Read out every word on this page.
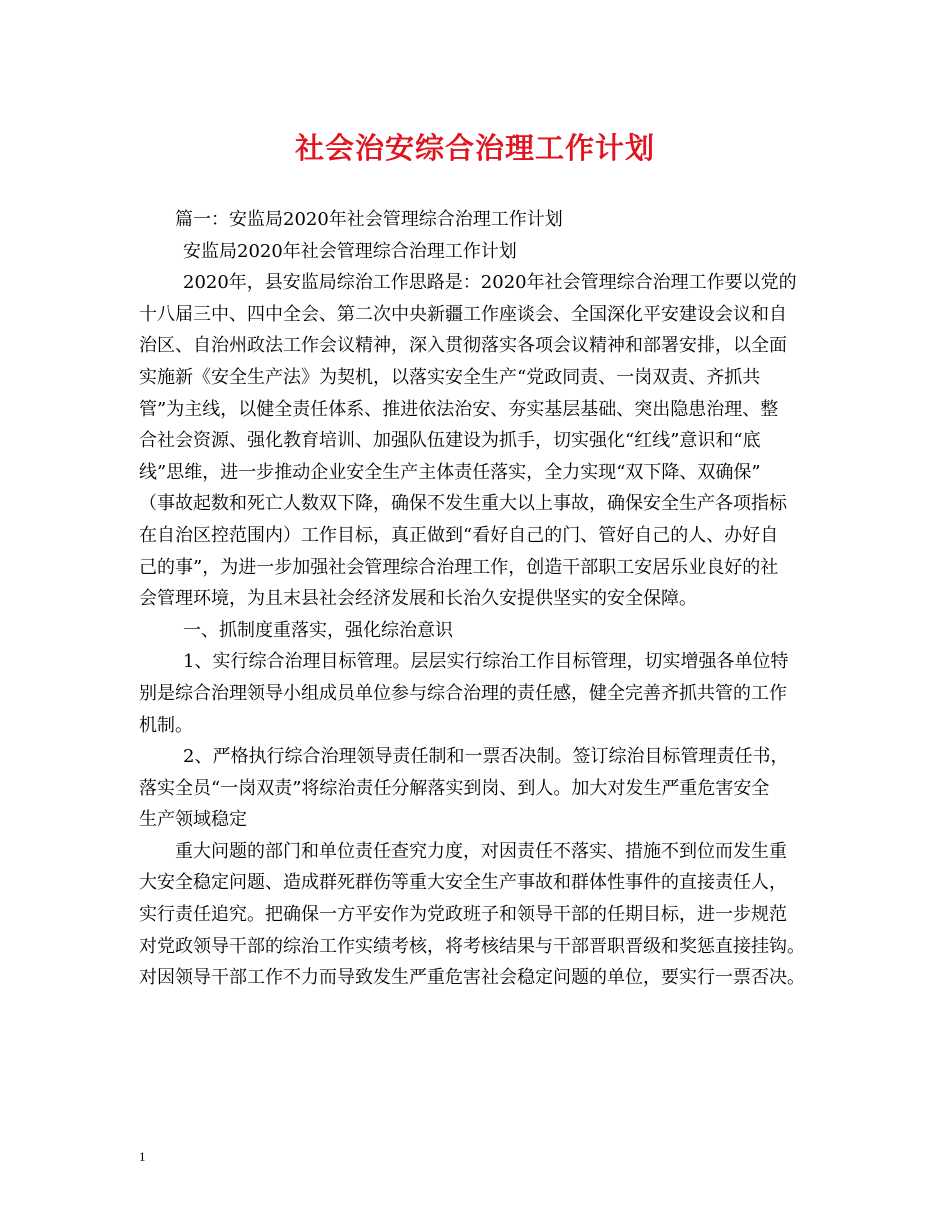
社会治安综合治理工作计划
篇一：安监局2020年社会管理综合治理工作计划
安监局2020年社会管理综合治理工作计划
2020年，县安监局综治工作思路是：2020年社会管理综合治理工作要以党的
十八届三中、四中全会、第二次中央新疆工作座谈会、全国深化平安建设会议和自
治区、自治州政法工作会议精神，深入贯彻落实各项会议精神和部署安排，以全面
实施新《安全生产法》为契机，以落实安全生产“党政同责、一岗双责、齐抓共
管”为主线，以健全责任体系、推进依法治安、夯实基层基础、突出隐患治理、整
合社会资源、强化教育培训、加强队伍建设为抓手，切实强化“红线”意识和“底
线”思维，进一步推动企业安全生产主体责任落实，全力实现“双下降、双确保”
（事故起数和死亡人数双下降，确保不发生重大以上事故，确保安全生产各项指标
在自治区控范围内）工作目标，真正做到“看好自己的门、管好自己的人、办好自
己的事”，为进一步加强社会管理综合治理工作，创造干部职工安居乐业良好的社
会管理环境，为且末县社会经济发展和长治久安提供坚实的安全保障。
一、抓制度重落实，强化综治意识
1、实行综合治理目标管理。层层实行综治工作目标管理，切实增强各单位特
别是综合治理领导小组成员单位参与综合治理的责任感，健全完善齐抓共管的工作
机制。
2、严格执行综合治理领导责任制和一票否决制。签订综治目标管理责任书，
落实全员“一岗双责”将综治责任分解落实到岗、到人。加大对发生严重危害安全
生产领域稳定
重大问题的部门和单位责任查究力度，对因责任不落实、措施不到位而发生重
大安全稳定问题、造成群死群伤等重大安全生产事故和群体性事件的直接责任人，
实行责任追究。把确保一方平安作为党政班子和领导干部的任期目标，进一步规范
对党政领导干部的综治工作实绩考核，将考核结果与干部晋职晋级和奖惩直接挂钩。
对因领导干部工作不力而导致发生严重危害社会稳定问题的单位，要实行一票否决。
1
